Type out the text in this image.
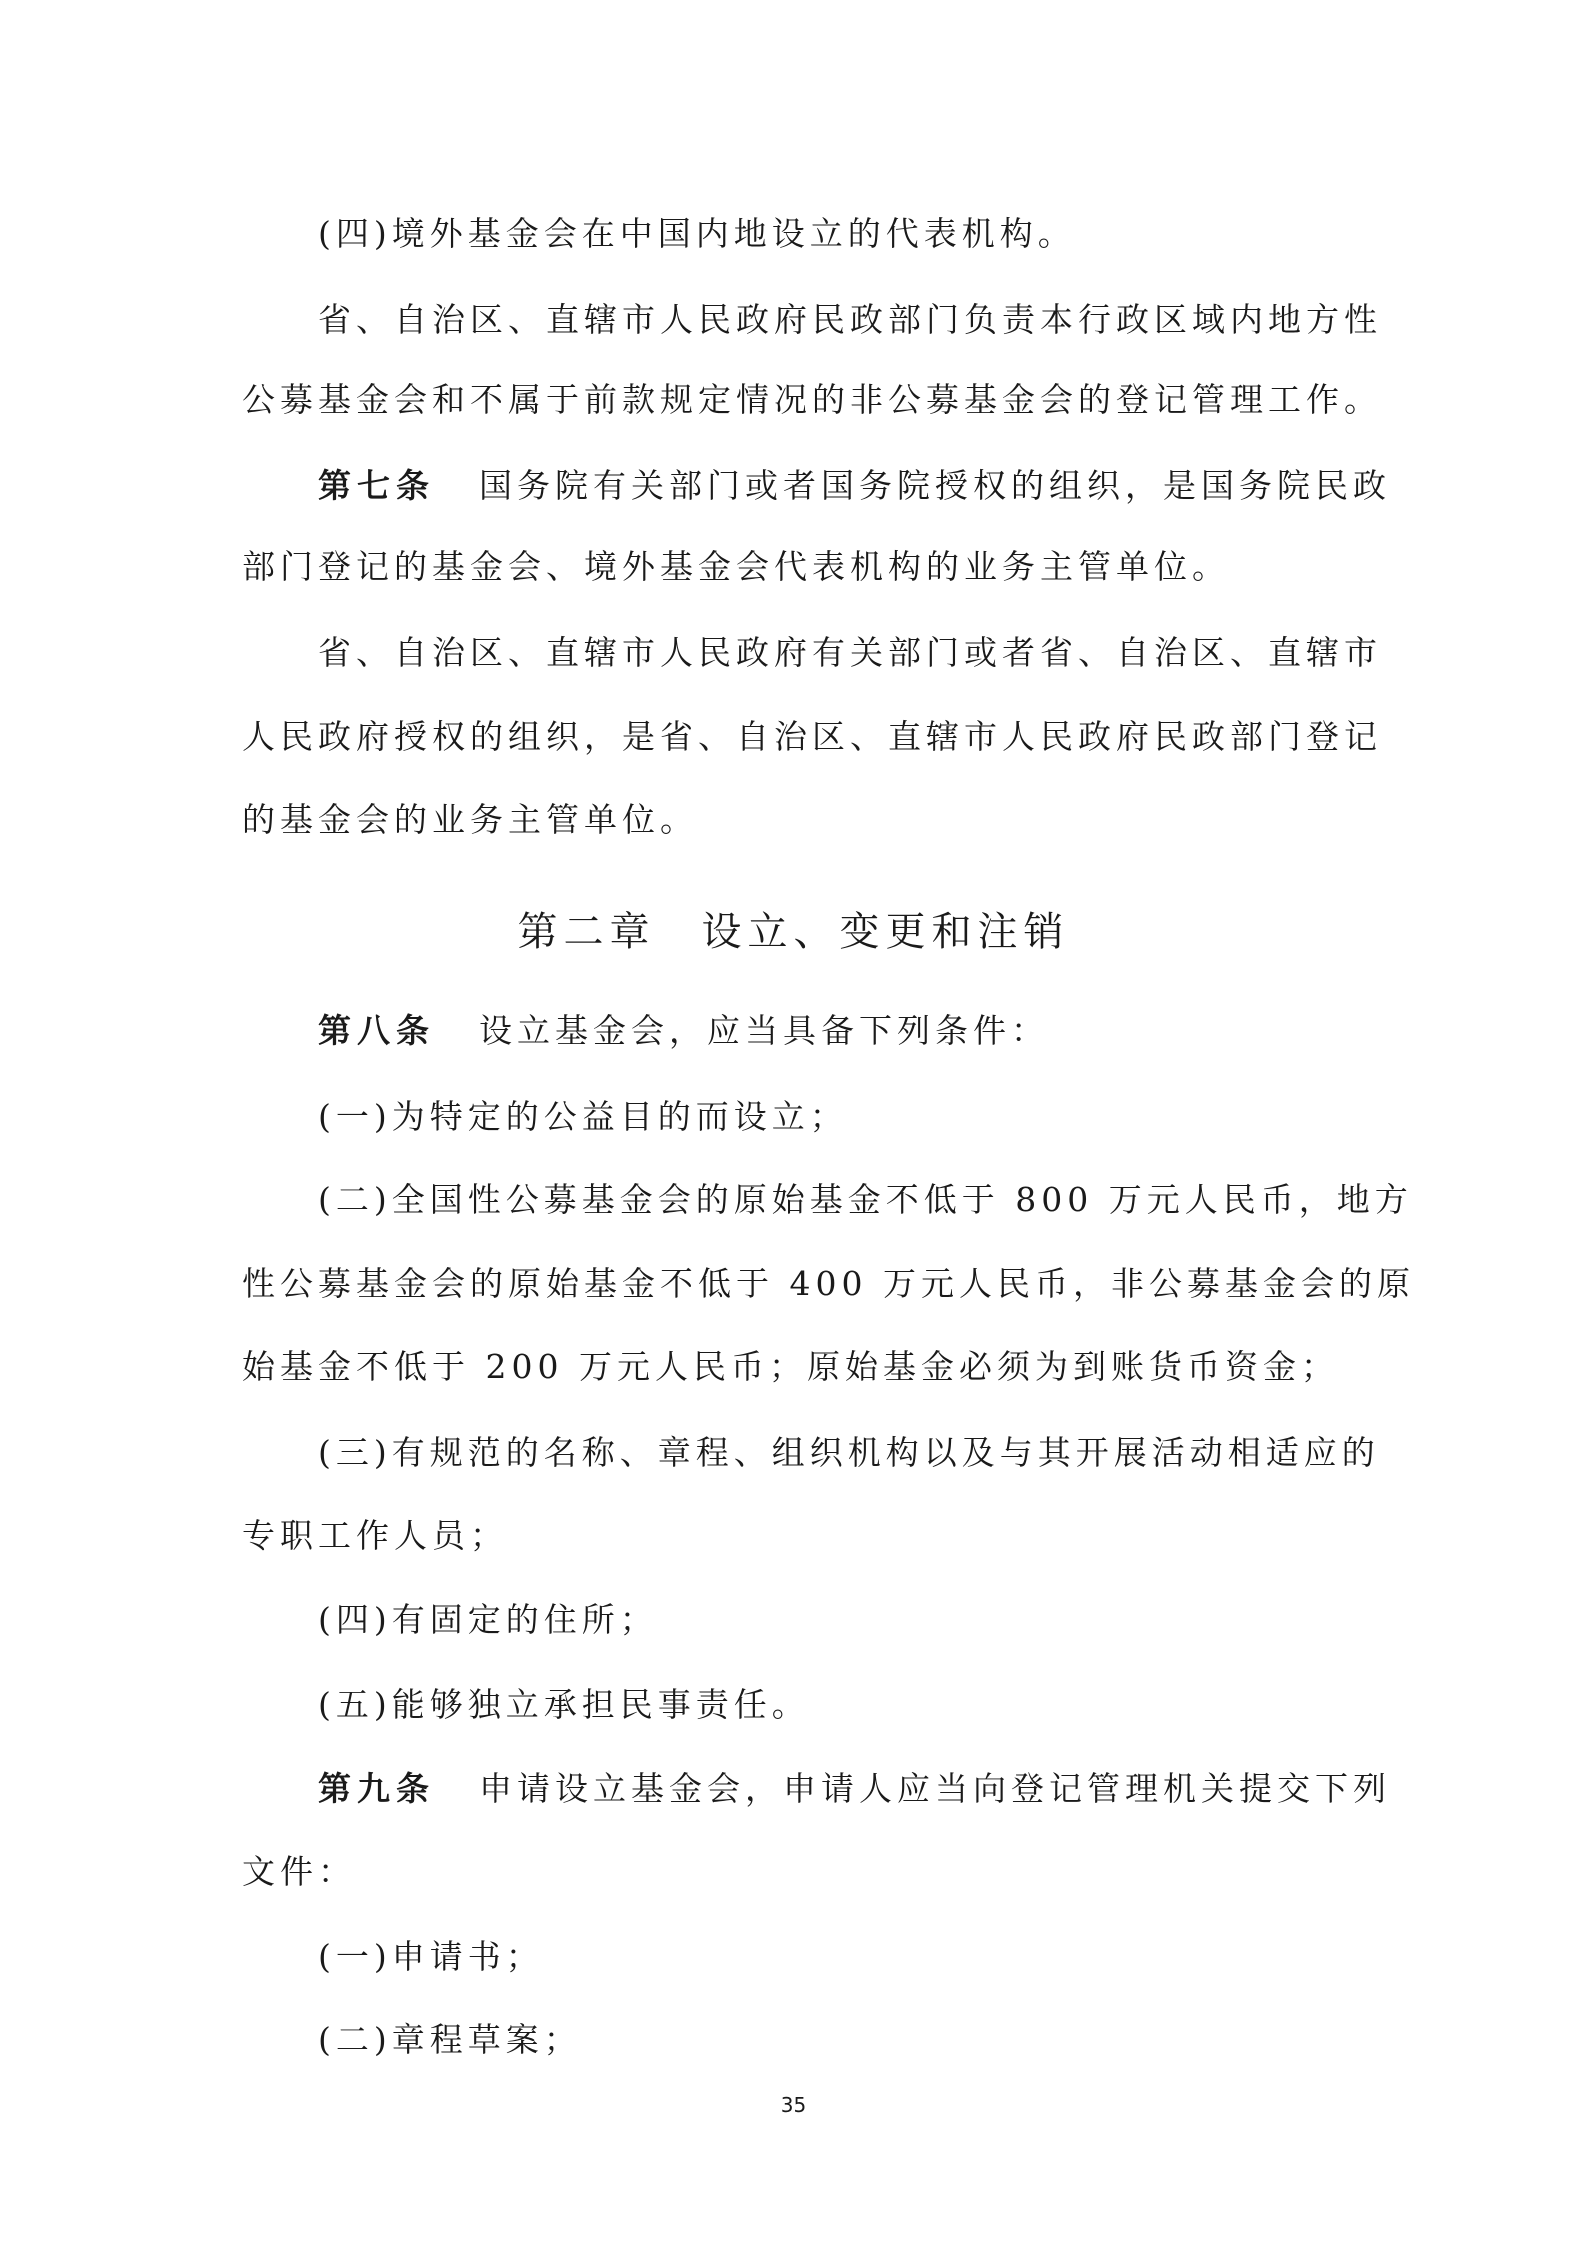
(四)境外基金会在中国内地设立的代表机构。
省、自治区、直辖市人民政府民政部门负责本行政区域内地方性
公募基金会和不属于前款规定情况的非公募基金会的登记管理工作。
第七条 国务院有关部门或者国务院授权的组织，是国务院民政
部门登记的基金会、境外基金会代表机构的业务主管单位。
省、自治区、直辖市人民政府有关部门或者省、自治区、直辖市
人民政府授权的组织，是省、自治区、直辖市人民政府民政部门登记
的基金会的业务主管单位。
第二章 设立、变更和注销
第八条 设立基金会，应当具备下列条件：
(一)为特定的公益目的而设立；
(二)全国性公募基金会的原始基金不低于 800 万元人民币，地方
性公募基金会的原始基金不低于 400 万元人民币，非公募基金会的原
始基金不低于 200 万元人民币；原始基金必须为到账货币资金；
(三)有规范的名称、章程、组织机构以及与其开展活动相适应的
专职工作人员；
(四)有固定的住所；
(五)能够独立承担民事责任。
第九条 申请设立基金会，申请人应当向登记管理机关提交下列
文件：
(一)申请书；
(二)章程草案；
35
